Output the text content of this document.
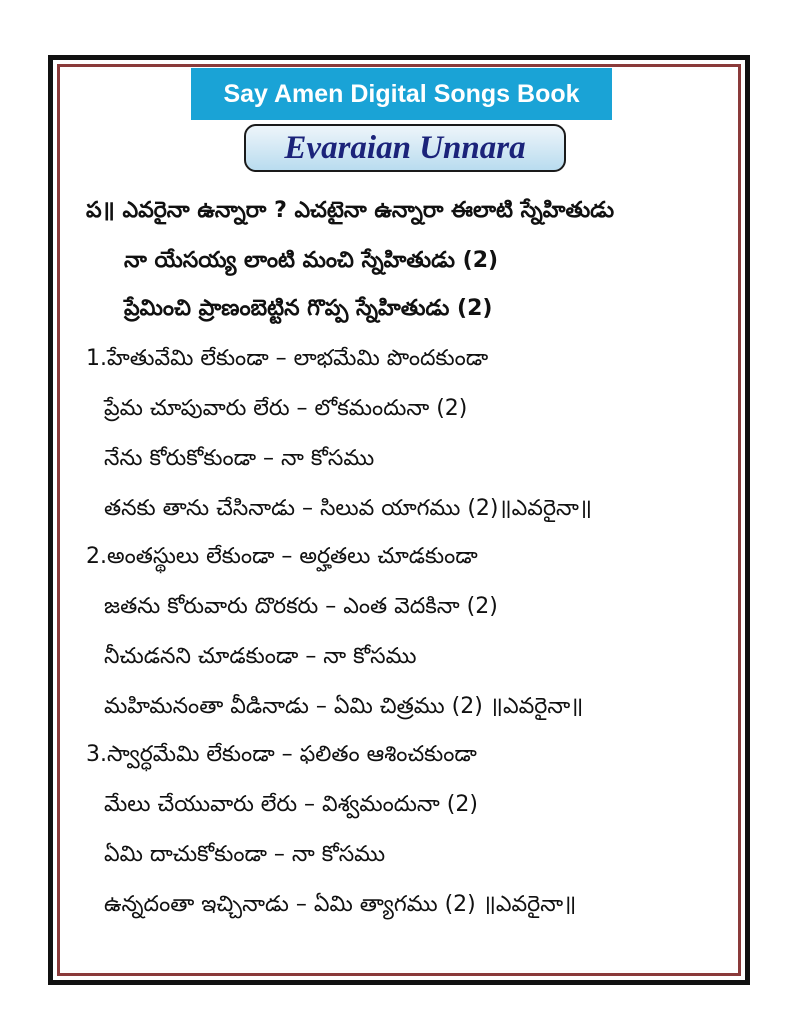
Say Amen Digital Songs Book
Evaraian Unnara
ప॥ ఎవరైనా ఉన్నారా ? ఎచటైనా ఉన్నారా ఈలాటి స్నేహితుడు
నా యేసయ్య లాంటి మంచి స్నేహితుడు (2)
ప్రేమించి ప్రాణంబెట్టిన గొప్ప స్నేహితుడు (2)
1.హేతువేమి లేకుండా – లాభమేమి పొందకుండా
ప్రేమ చూపువారు లేరు – లోకమందునా (2)
నేను కోరుకోకుండా – నా కోసము
తనకు తాను చేసినాడు – సిలువ యాగము (2)॥ఎవరైనా॥
2.అంతస్థులు లేకుండా – అర్హతలు చూడకుండా
జతను కోరువారు దొరకరు – ఎంత వెదకినా (2)
నీచుడనని చూడకుండా – నా కోసము
మహిమనంతా వీడినాడు – ఏమి చిత్రము (2) ॥ఎవరైనా॥
3.స్వార్ధమేమి లేకుండా – ఫలితం ఆశించకుండా
మేలు చేయువారు లేరు – విశ్వమందునా (2)
ఏమి దాచుకోకుండా – నా కోసము
ఉన్నదంతా ఇచ్చినాడు – ఏమి త్యాగము (2) ॥ఎవరైనా॥
